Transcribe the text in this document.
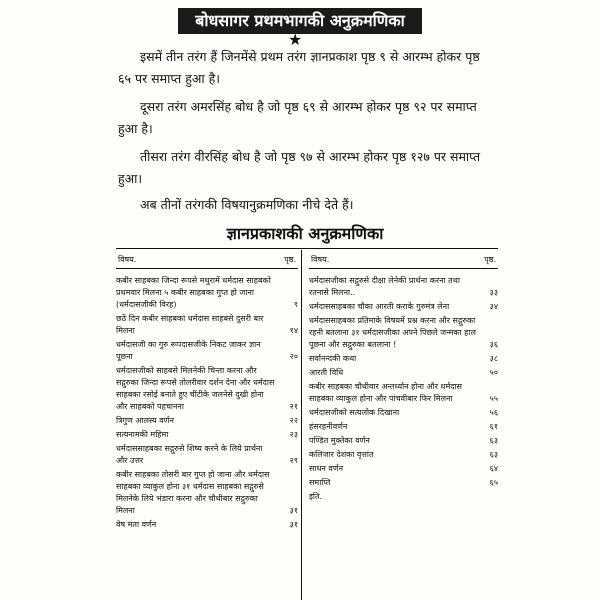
बोधसागर प्रथमभागकी अनुक्रमणिका
★
इसमें तीन तरंग हैं जिनमेंसे प्रथम तरंग ज्ञानप्रकाश पृष्ठ ९ से आरम्भ होकर पृष्ठ ६५ पर समाप्त हुआ है।
दूसरा तरंग अमरसिंह बोध है जो पृष्ठ ६९ से आरम्भ होकर पृष्ठ ९२ पर समाप्त हुआ है।
तीसरा तरंग वीरसिंह बोध है जो पृष्ठ ९७ से आरम्भ होकर पृष्ठ १२७ पर समाप्त हुआ।
अब तीनों तरंगकी विषयानुक्रमणिका नीचे देते हैं।
ज्ञानप्रकाशकी अनुक्रमणिका
विषय.	पृष्ठ.
कबीर साहबका जिन्दा रूपसे मथुरामें धर्मदास साहबको प्रथमवार मिलना ५ कबीर साहबका गुप्त हो जाना (धर्मदासजीकी विरह)	९
छठें दिन कबीर साहबका धर्मदास साहबसे दुसरी बार मिलना	१४
धर्मदासजी का गुरु रूपदासजीके निकट जाकर ज्ञान पूछना	२०
धर्मदासजीको साहबसे मिलनेकी चिन्ता करना और सद्गुरुका जिन्दा रूपसे तोलरीवार दर्शन देना और धर्मदास साहबका रसोई बनाते हुए चींटीके जलनेसे दुखी होना और साहबको पहचानना	२१
त्रिगुण आलस्य वर्णन	२२
सत्यनामकी महिमा	२३
धर्मदाससाहबका सद्गुरुसे शिष्य करने के लिये प्रार्थना और उत्तर	२९
कबीर साहबका तोसरी बार गुप्त हो जाना और धर्मदास साहबका व्याकुल होना ३१ धर्मदास साहबका सद्गुरुसे मिलनेके लिये भंडारा करना और चौथीबार सद्गुरुका मिलना	३१
वेष मता वर्णन	३१
विषय.	पृष्ठ.
धर्मदासजीका सद्गुरुसे दीक्षा लेनेकी प्रार्थना करना तथा रतनासे मिलना..	३३
धर्मदाससाहबका चौका आरती कराके गुरुमंत्र लेना	३४
धर्मदाससाहबका प्रतिमाके विषयमें प्रश्न करना और सद्गुरुका रहनी बतलाना ३१ धर्मदासजीका अपने पिछले जन्मका हाल पूछना और सद्गुरुका बतलाना !	३६
सर्वानन्दकी कथा	३८
आरती विधि	५०
कबीर साहबका चौथीवार अन्तर्ध्यान होना और धर्मदास साहबका व्याकुल होना और पांचवीबार फिर मिलना	५५
धर्मदासजीको सत्यलोक दिखाना	५६
हंसरहनीवर्णन	६१
पण्डित मुक्तेका वर्णन	६३
कलिजार देशका वृत्तांत	६३
साधन वर्णन	६४
समाप्ति	६५
इति.
